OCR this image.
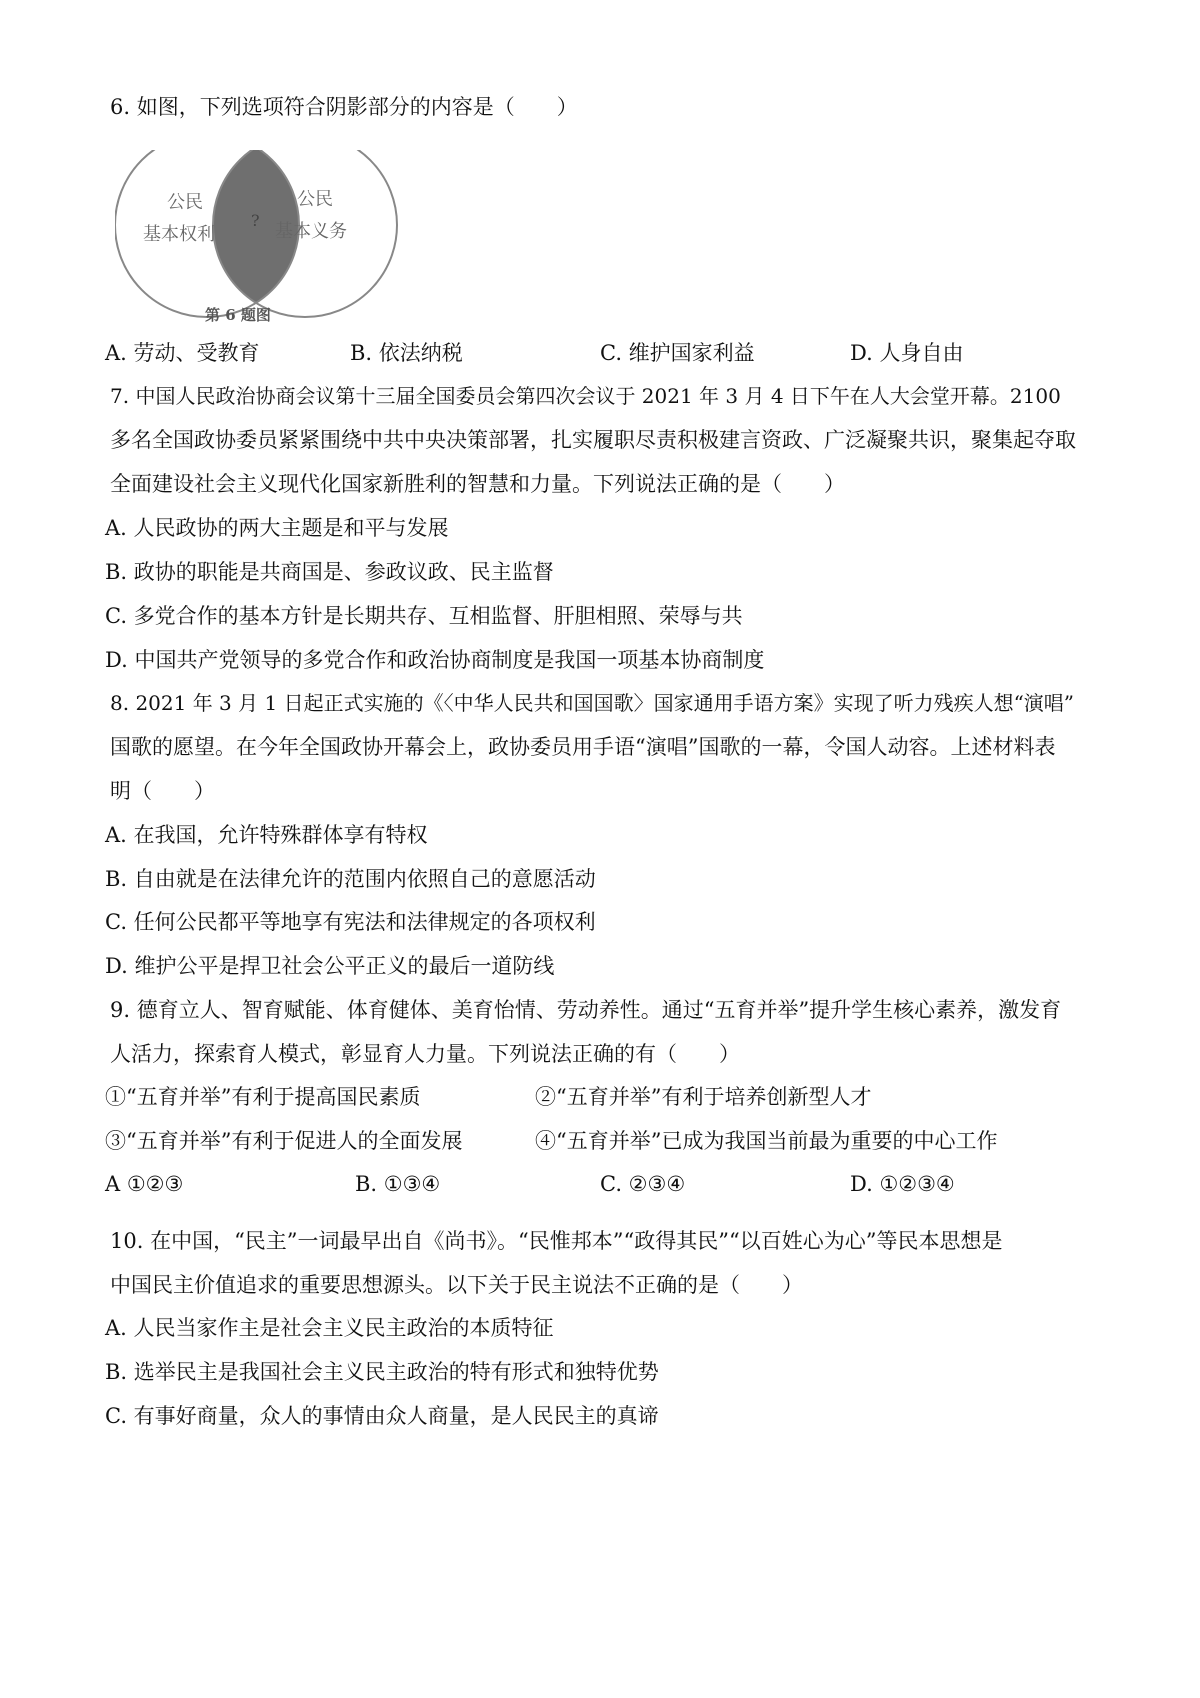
6. 如图，下列选项符合阴影部分的内容是（　　）
公民
基本权利
公民
基本义务
?
第 6 题图
A. 劳动、受教育	B. 依法纳税	C. 维护国家利益	D. 人身自由
7. 中国人民政治协商会议第十三届全国委员会第四次会议于 2021 年 3 月 4 日下午在人大会堂开幕。2100
多名全国政协委员紧紧围绕中共中央决策部署，扎实履职尽责积极建言资政、广泛凝聚共识，聚集起夺取
全面建设社会主义现代化国家新胜利的智慧和力量。下列说法正确的是（　　）
A. 人民政协的两大主题是和平与发展
B. 政协的职能是共商国是、参政议政、民主监督
C. 多党合作的基本方针是长期共存、互相监督、肝胆相照、荣辱与共
D. 中国共产党领导的多党合作和政治协商制度是我国一项基本协商制度
8. 2021 年 3 月 1 日起正式实施的《〈中华人民共和国国歌〉国家通用手语方案》实现了听力残疾人想“演唱”
国歌的愿望。在今年全国政协开幕会上，政协委员用手语“演唱”国歌的一幕，令国人动容。上述材料表
明（　　）
A. 在我国，允许特殊群体享有特权
B. 自由就是在法律允许的范围内依照自己的意愿活动
C. 任何公民都平等地享有宪法和法律规定的各项权利
D. 维护公平是捍卫社会公平正义的最后一道防线
9. 德育立人、智育赋能、体育健体、美育怡情、劳动养性。通过“五育并举”提升学生核心素养，激发育
人活力，探索育人模式，彰显育人力量。下列说法正确的有（　　）
①“五育并举”有利于提高国民素质	②“五育并举”有利于培养创新型人才
③“五育并举”有利于促进人的全面发展	④“五育并举”已成为我国当前最为重要的中心工作
A ①②③	B. ①③④	C. ②③④	D. ①②③④
10. 在中国，“民主”一词最早出自《尚书》。“民惟邦本”“政得其民”“以百姓心为心”等民本思想是
中国民主价值追求的重要思想源头。以下关于民主说法不正确的是（　　）
A. 人民当家作主是社会主义民主政治的本质特征
B. 选举民主是我国社会主义民主政治的特有形式和独特优势
C. 有事好商量，众人的事情由众人商量，是人民民主的真谛
